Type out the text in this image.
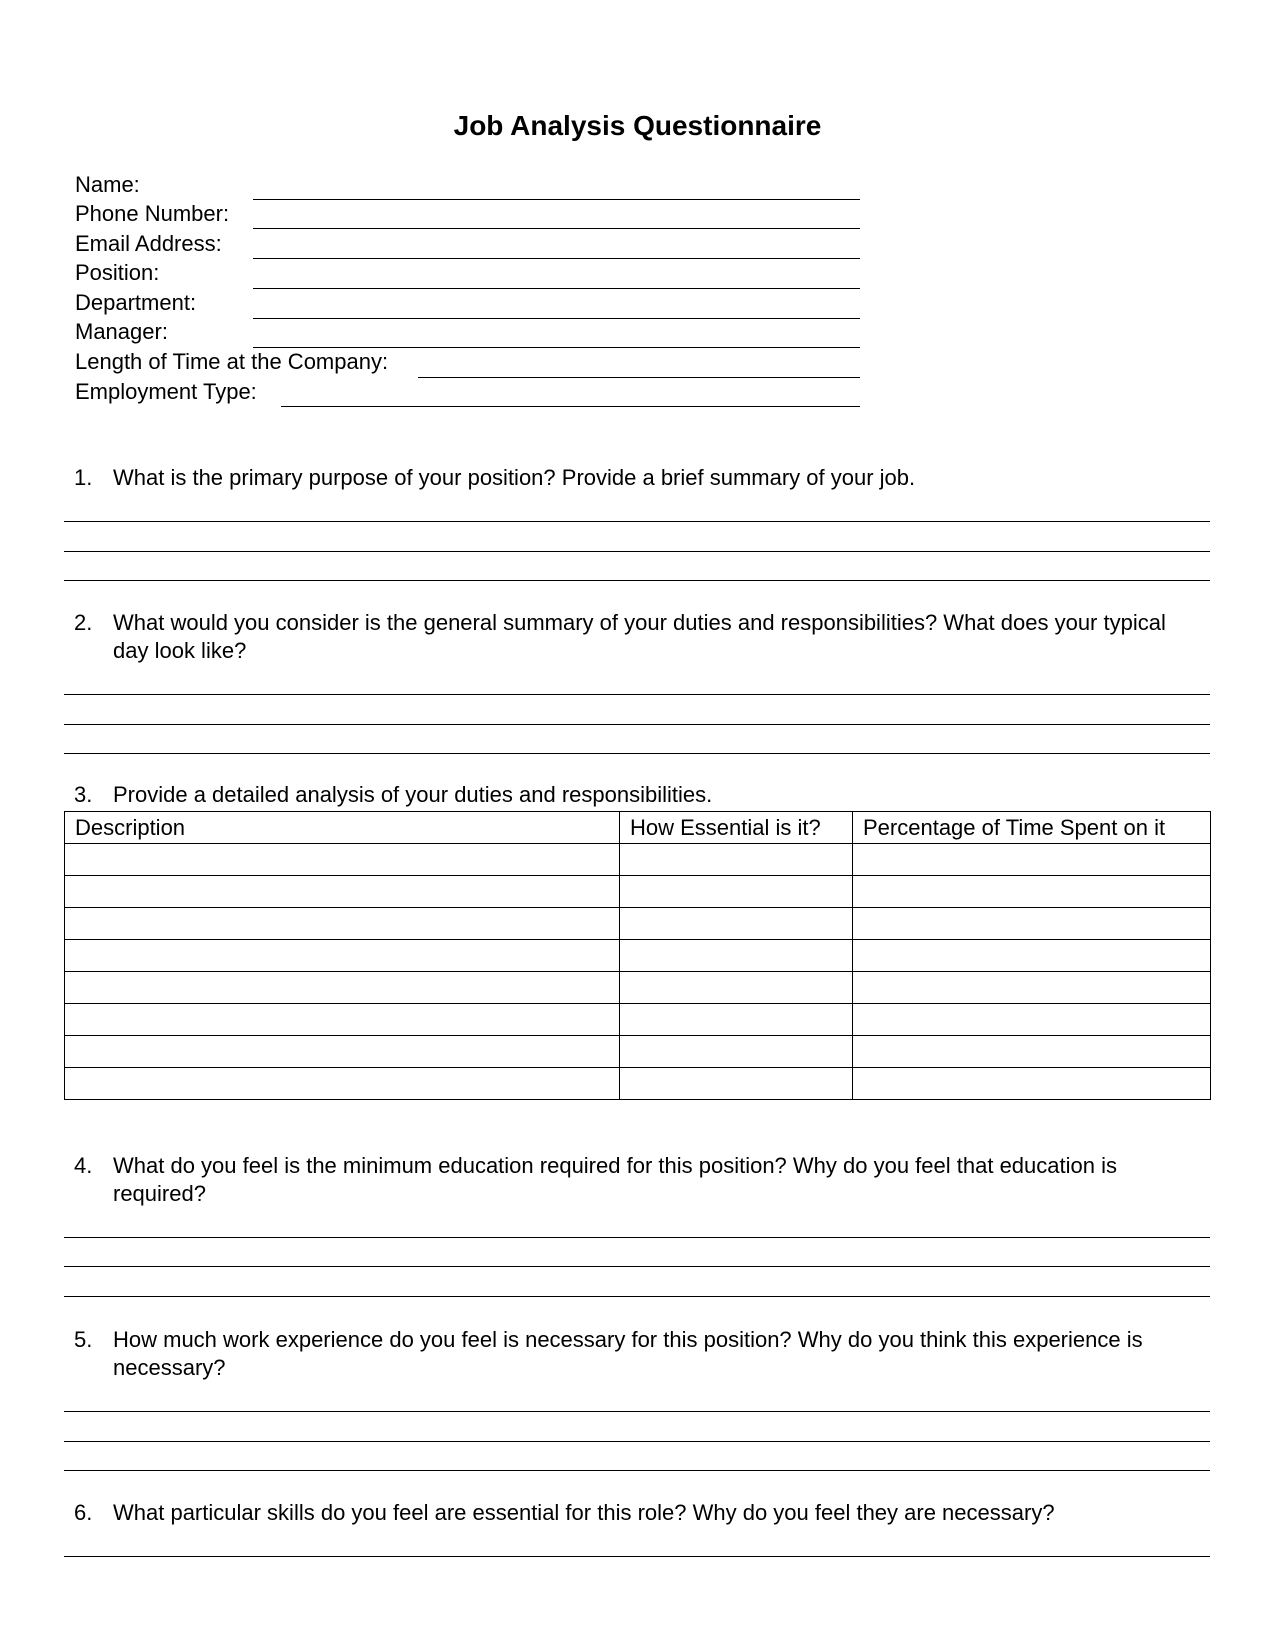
Job Analysis Questionnaire
Name:
Phone Number:
Email Address:
Position:
Department:
Manager:
Length of Time at the Company:
Employment Type:
1. What is the primary purpose of your position? Provide a brief summary of your job.
2. What would you consider is the general summary of your duties and responsibilities? What does your typical day look like?
3. Provide a detailed analysis of your duties and responsibilities.
Description	How Essential is it?	Percentage of Time Spent on it

4. What do you feel is the minimum education required for this position? Why do you feel that education is required?
5. How much work experience do you feel is necessary for this position? Why do you think this experience is necessary?
6. What particular skills do you feel are essential for this role? Why do you feel they are necessary?
